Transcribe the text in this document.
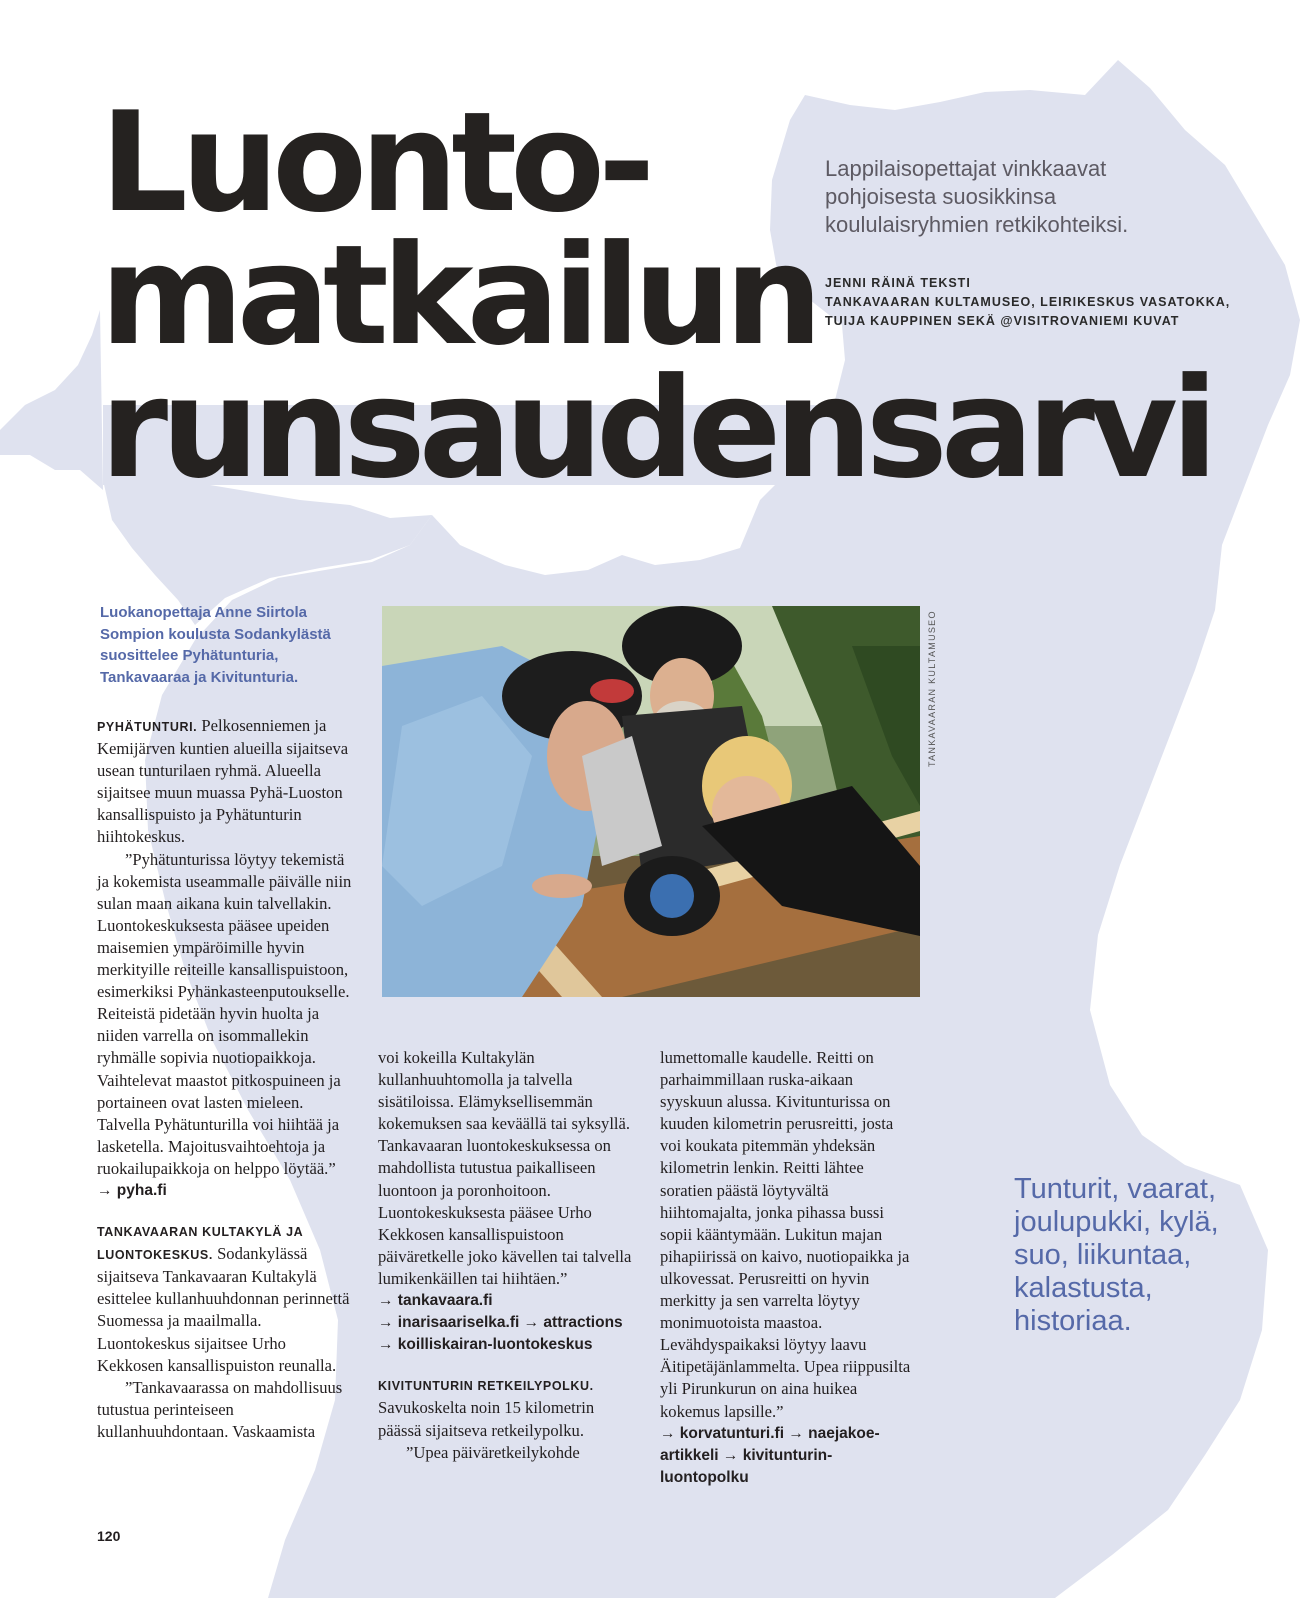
Luonto-
matkailun
runsaudensarvi
Lappilaisopettajat vinkkaavat pohjoisesta suosikkinsa koululaisryhmien retkikohteiksi.
JENNI RÄINÄ TEKSTI
TANKAVAARAN KULTAMUSEO, LEIRIKESKUS VASATOKKA,
TUIJA KAUPPINEN SEKÄ @VISITROVANIEMI KUVAT
Luokanopettaja Anne Siirtola Sompion koulusta Sodankylästä suosittelee Pyhätunturia, Tankavaaraa ja Kivitunturia.

PYHÄTUNTURI. Pelkosenniemen ja Kemijärven kuntien alueilla sijaitseva usean tunturilaen ryhmä. Alueella sijaitsee muun muassa Pyhä-Luoston kansallispuisto ja Pyhätunturin hiihtokeskus.

”Pyhätunturissa löytyy tekemistä ja kokemista useammalle päivälle niin sulan maan aikana kuin talvellakin. Luontokeskuksesta pääsee upeiden maisemien ympäröimille hyvin merkityille reiteille kansallispuistoon, esimerkiksi Pyhänkasteenputoukselle. Reiteistä pidetään hyvin huolta ja niiden varrella on isommallekin ryhmälle sopivia nuotiopaikkoja. Vaihtelevat maastot pitkospuineen ja portaineen ovat lasten mieleen. Talvella Pyhätunturilla voi hiihtää ja lasketella. Majoitusvaihtoehtoja ja ruokailupaikkoja on helppo löytää.”

→ pyha.fi

TANKAVAARAN KULTAKYLÄ JA LUONTOKESKUS. Sodankylässä sijaitseva Tankavaaran Kultakylä esittelee kullanhuuhdonnan perinnettä Suomessa ja maailmalla. Luontokeskus sijaitsee Urho Kekkosen kansallispuiston reunalla.

”Tankavaarassa on mahdollisuus tutustua perinteiseen kullanhuuhdontaan. Vaskaamista

TANKAVAARAN KULTAMUSEO

voi kokeilla Kultakylän kullanhuuhtomolla ja talvella sisätiloissa. Elämyksellisemmän kokemuksen saa keväällä tai syksyllä. Tankavaaran luontokeskuksessa on mahdollista tutustua paikalliseen luontoon ja poronhoitoon. Luontokeskuksesta pääsee Urho Kekkosen kansallispuistoon päiväretkelle joko kävellen tai talvella lumikenkäillen tai hiihtäen.”

→ tankavaara.fi

→ inarisaariselka.fi → attractions → koilliskairan-luontokeskus

KIVITUNTURIN RETKEILYPOLKU.
Savukoskelta noin 15 kilometrin päässä sijaitseva retkeilypolku.

”Upea päiväretkeilykohde

lumettomalle kaudelle. Reitti on parhaimmillaan ruska-aikaan syyskuun alussa. Kivitunturissa on kuuden kilometrin perusreitti, josta voi koukata pitemmän yhdeksän kilometrin lenkin. Reitti lähtee soratien päästä löytyvältä hiihtomajalta, jonka pihassa bussi sopii kääntymään. Lukitun majan pihapiirissä on kaivo, nuotiopaikka ja ulkovessat. Perusreitti on hyvin merkitty ja sen varrelta löytyy monimuotoista maastoa. Levähdyspaikaksi löytyy laavu Äitipetäjänlammelta. Upea riippusilta yli Pirunkurun on aina huikea kokemus lapsille.”

→ korvatunturi.fi → naejakoe-artikkeli → kivitunturin-luontopolku

Tunturit, vaarat, joulupukki, kylä, suo, liikuntaa, kalastusta, historiaa.
120
